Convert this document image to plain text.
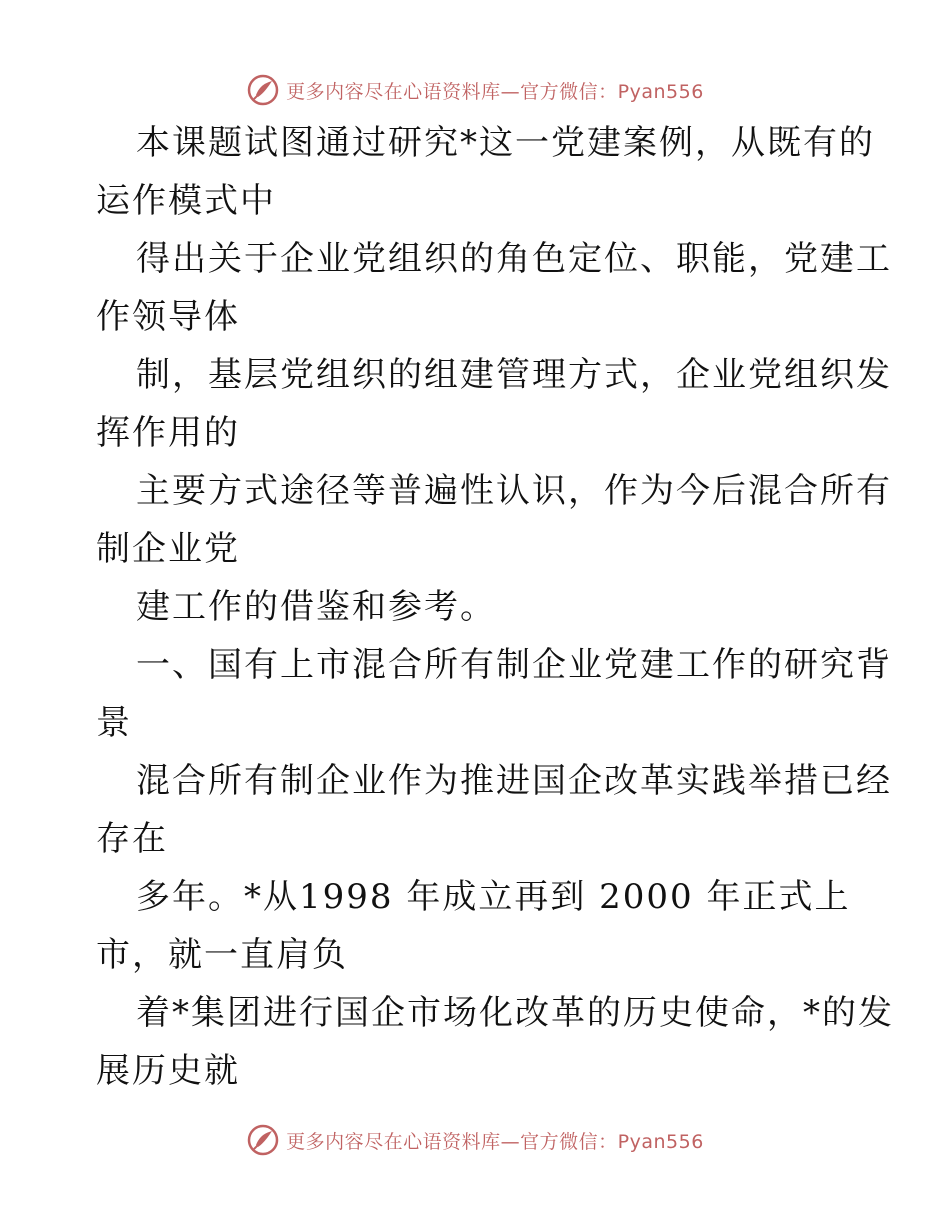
更多内容尽在心语资料库—官方微信：Pyan556

本课题试图通过研究*这一党建案例，从既有的
运作模式中

得出关于企业党组织的角色定位、职能，党建工
作领导体

制，基层党组织的组建管理方式，企业党组织发
挥作用的

主要方式途径等普遍性认识，作为今后混合所有
制企业党

建工作的借鉴和参考。

一、国有上市混合所有制企业党建工作的研究背
景

混合所有制企业作为推进国企改革实践举措已经
存在

多年。*从1998 年成立再到 2000 年正式上
市，就一直肩负

着*集团进行国企市场化改革的历史使命，*的发
展历史就

更多内容尽在心语资料库—官方微信：Pyan556
